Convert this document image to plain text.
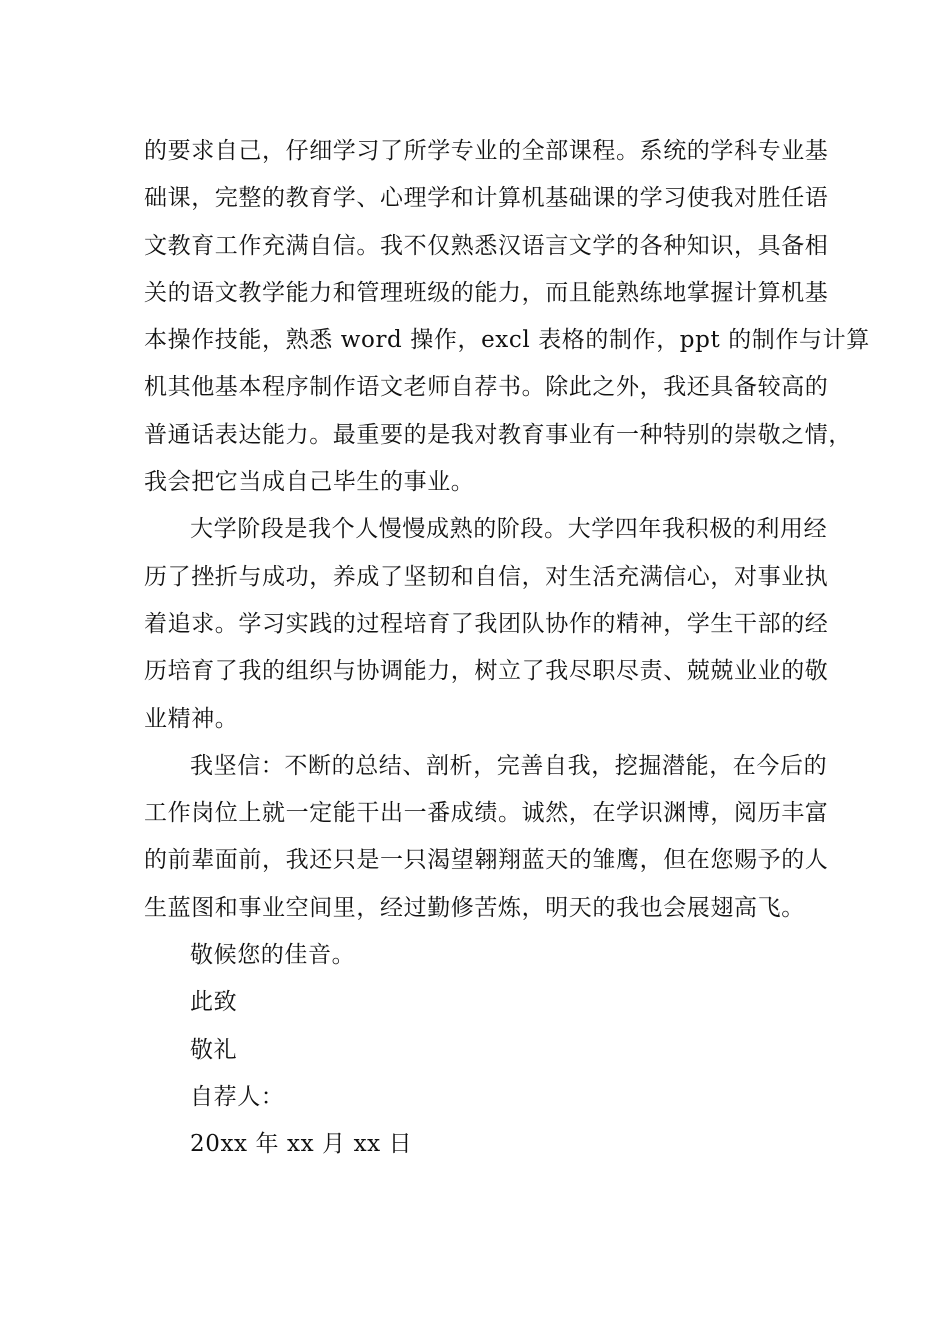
的要求自己，仔细学习了所学专业的全部课程。系统的学科专业基
础课，完整的教育学、心理学和计算机基础课的学习使我对胜任语
文教育工作充满自信。我不仅熟悉汉语言文学的各种知识，具备相
关的语文教学能力和管理班级的能力，而且能熟练地掌握计算机基
本操作技能，熟悉 word 操作，excl 表格的制作，ppt 的制作与计算
机其他基本程序制作语文老师自荐书。除此之外，我还具备较高的
普通话表达能力。最重要的是我对教育事业有一种特别的崇敬之情，
我会把它当成自己毕生的事业。
大学阶段是我个人慢慢成熟的阶段。大学四年我积极的利用经
历了挫折与成功，养成了坚韧和自信，对生活充满信心，对事业执
着追求。学习实践的过程培育了我团队协作的精神，学生干部的经
历培育了我的组织与协调能力，树立了我尽职尽责、兢兢业业的敬
业精神。
我坚信：不断的总结、剖析，完善自我，挖掘潜能，在今后的
工作岗位上就一定能干出一番成绩。诚然，在学识渊博，阅历丰富
的前辈面前，我还只是一只渴望翱翔蓝天的雏鹰，但在您赐予的人
生蓝图和事业空间里，经过勤修苦炼，明天的我也会展翅高飞。
敬候您的佳音。
此致
敬礼
自荐人：
20xx 年 xx 月 xx 日
